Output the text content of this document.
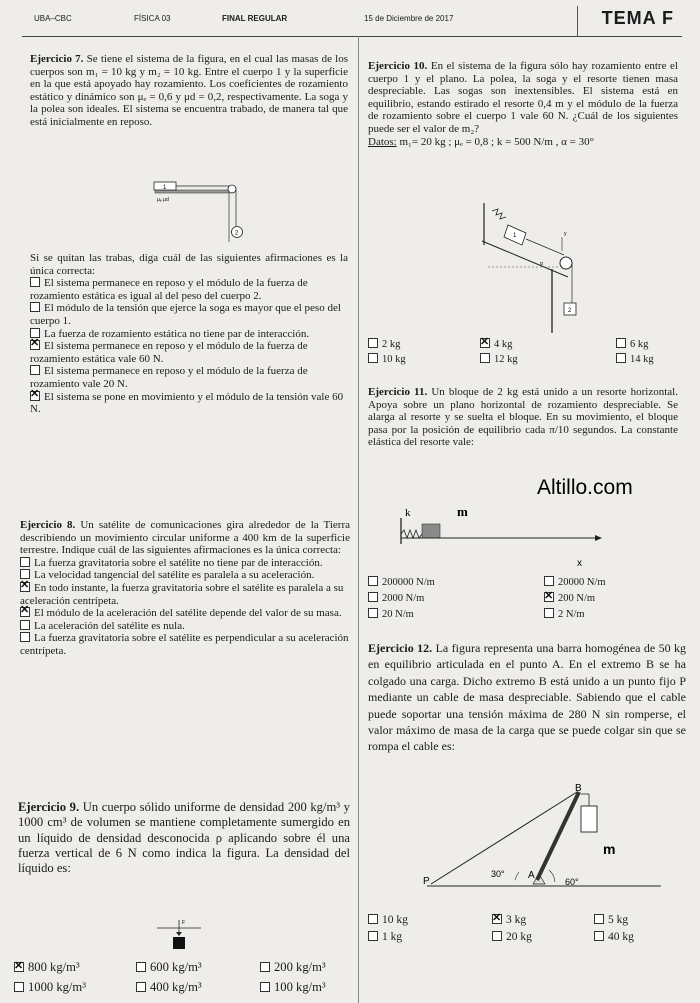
UBA–CBC	FÍSICA 03	FINAL REGULAR	15 de Diciembre de 2017	TEMA F

Ejercicio 7. Se tiene el sistema de la figura, en el cual las masas de los cuerpos son m₁ = 10 kg y m₂ = 10 kg. Entre el cuerpo 1 y la superficie en la que está apoyado hay rozamiento. Los coeficientes de rozamiento estático y dinámico son μₑ = 0,6 y μd = 0,2, respectivamente. La soga y la polea son ideales. El sistema se encuentra trabado, de manera tal que está inicialmente en reposo.

1
2
μₑ μd

Si se quitan las trabas, diga cuál de las siguientes afirmaciones es la única correcta:

El sistema permanece en reposo y el módulo de la fuerza de rozamiento estática es igual al del peso del cuerpo 2.

El módulo de la tensión que ejerce la soga es mayor que el peso del cuerpo 1.

La fuerza de rozamiento estática no tiene par de interacción.

✕El sistema permanece en reposo y el módulo de la fuerza de rozamiento estática vale 60 N.

El sistema permanece en reposo y el módulo de la fuerza de rozamiento vale 20 N.

✕El sistema se pone en movimiento y el módulo de la tensión vale 60 N.

Ejercicio 8. Un satélite de comunicaciones gira alrededor de la Tierra describiendo un movimiento circular uniforme a 400 km de la superficie terrestre. Indique cuál de las siguientes afirmaciones es la única correcta:

La fuerza gravitatoria sobre el satélite no tiene par de interacción.

La velocidad tangencial del satélite es paralela a su aceleración.

✕En todo instante, la fuerza gravitatoria sobre el satélite es paralela a su aceleración centrípeta.

✕El módulo de la aceleración del satélite depende del valor de su masa.

La aceleración del satélite es nula.

La fuerza gravitatoria sobre el satélite es perpendicular a su aceleración centrípeta.

Ejercicio 9. Un cuerpo sólido uniforme de densidad 200 kg/m³ y 1000 cm³ de volumen se mantiene completamente sumergido en un líquido de densidad desconocida ρ aplicando sobre él una fuerza vertical de 6 N como indica la figura. La densidad del líquido es:

F
✕800 kg/m³	600 kg/m³	200 kg/m³
1000 kg/m³	400 kg/m³	100 kg/m³

Ejercicio 10. En el sistema de la figura sólo hay rozamiento entre el cuerpo 1 y el plano. La polea, la soga y el resorte tienen masa despreciable. Las sogas son inextensibles. El sistema está en equilibrio, estando estirado el resorte 0,4 m y el módulo de la fuerza de rozamiento sobre el cuerpo 1 vale 60 N. ¿Cuál de los siguientes puede ser el valor de m₂?

Datos: m₁= 20 kg ; μₑ = 0,8 ; k = 500 N/m , α = 30°

1
2
α
y
2 kg ✕	4 kg	6 kg
10 kg	12 kg	14 kg

Ejercicio 11. Un bloque de 2 kg está unido a un resorte horizontal. Apoya sobre un plano horizontal de rozamiento despreciable. Se alarga al resorte y se suelta el bloque. En su movimiento, el bloque pasa por la posición de equilibrio cada π/10 segundos. La constante elástica del resorte vale:

Altillo.com
k	m
x
200000 N/m	20000 N/m
2000 N/m ✕	200 N/m
20 N/m	2 N/m

Ejercicio 12. La figura representa una barra homogénea de 50 kg en equilibrio articulada en el punto A. En el extremo B se ha colgado una carga. Dicho extremo B está unido a un punto fijo P mediante un cable de masa despreciable. Sabiendo que el cable puede soportar una tensión máxima de 280 N sin romperse, el valor máximo de masa de la carga que se puede colgar sin que se rompa el cable es:

m
B
P
A
30°
60°
10 kg ✕	3 kg	5 kg
1 kg	20 kg	40 kg
